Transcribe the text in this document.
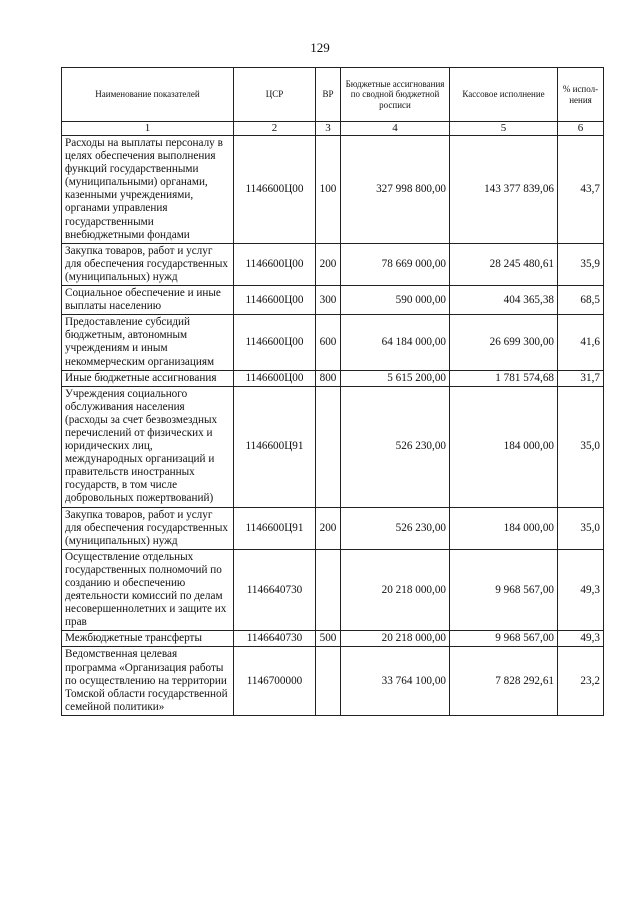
129
Наименование показателей	ЦСР	ВР	Бюджетные ассигнования по сводной бюджетной росписи	Кассовое исполнение	% испол-нения
1	2	3	4	5	6
Расходы на выплаты персоналу в целях обеспечения выполнения функций государственными (муниципальными) органами, казенными учреждениями, органами управления государственными внебюджетными фондами	1146600Ц00	100	327 998 800,00	143 377 839,06	43,7
Закупка товаров, работ и услуг для обеспечения государственных (муниципальных) нужд	1146600Ц00	200	78 669 000,00	28 245 480,61	35,9
Социальное обеспечение и иные выплаты населению	1146600Ц00	300	590 000,00	404 365,38	68,5
Предоставление субсидий бюджетным, автономным учреждениям и иным некоммерческим организациям	1146600Ц00	600	64 184 000,00	26 699 300,00	41,6
Иные бюджетные ассигнования	1146600Ц00	800	5 615 200,00	1 781 574,68	31,7
Учреждения социального обслуживания населения (расходы за счет безвозмездных перечислений от физических и юридических лиц, международных организаций и правительств иностранных государств, в том числе добровольных пожертвований)	1146600Ц91		526 230,00	184 000,00	35,0
Закупка товаров, работ и услуг для обеспечения государственных (муниципальных) нужд	1146600Ц91	200	526 230,00	184 000,00	35,0
Осуществление отдельных государственных полномочий по созданию и обеспечению деятельности комиссий по делам несовершеннолетних и защите их прав	1146640730		20 218 000,00	9 968 567,00	49,3
Межбюджетные трансферты	1146640730	500	20 218 000,00	9 968 567,00	49,3
Ведомственная целевая программа «Организация работы по осуществлению на территории Томской области государственной семейной политики»	1146700000		33 764 100,00	7 828 292,61	23,2
